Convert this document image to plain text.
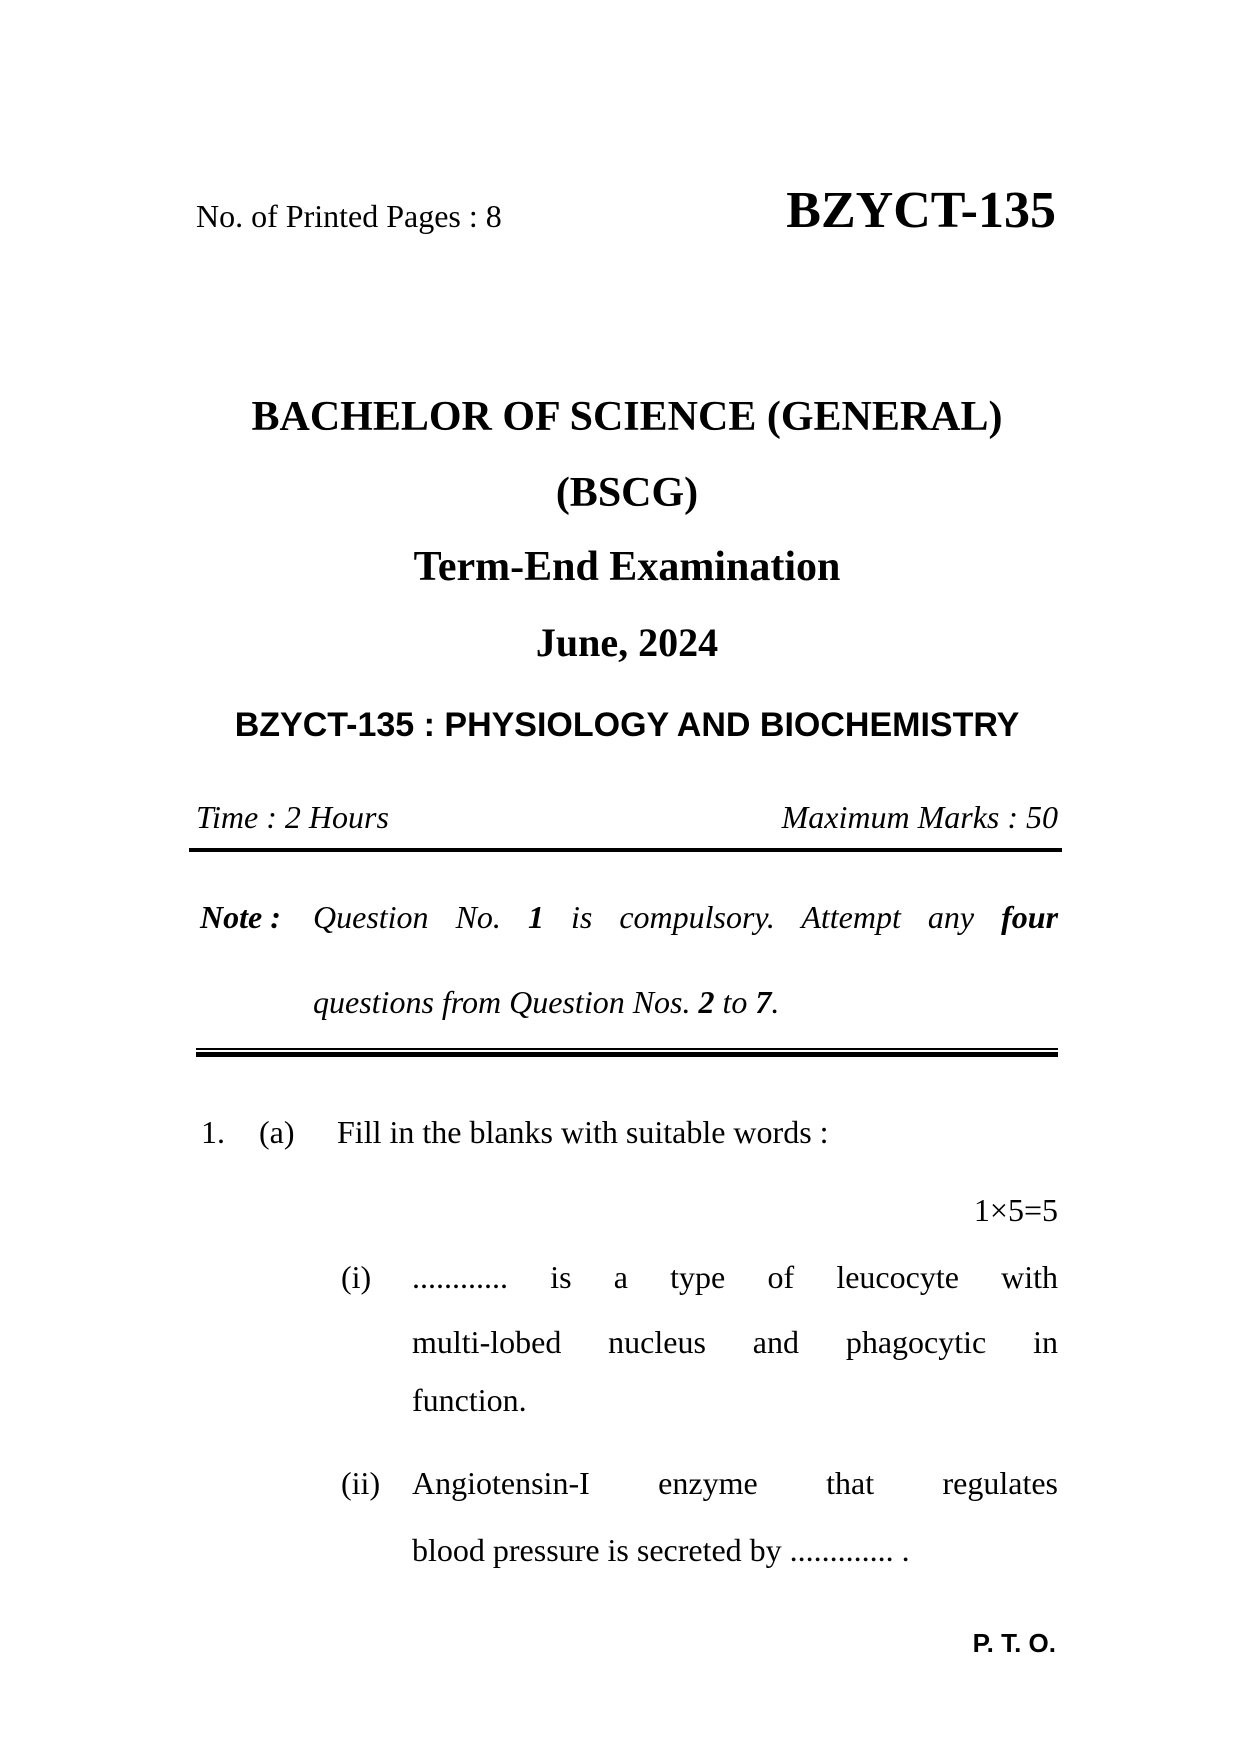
No. of Printed Pages : 8	BZYCT-135
BACHELOR OF SCIENCE (GENERAL)
(BSCG)
Term-End Examination
June, 2024
BZYCT-135 : PHYSIOLOGY AND BIOCHEMISTRY
Time : 2 Hours	Maximum Marks : 50
Note : Question No. 1 is compulsory. Attempt any four
questions from Question Nos. 2 to 7.
1. (a) Fill in the blanks with suitable words :
1×5=5
(i) ............ is a type of leucocyte with
multi-lobed nucleus and phagocytic in
function.
(ii) Angiotensin-I enzyme that regulates
blood pressure is secreted by ............. .
P. T. O.
